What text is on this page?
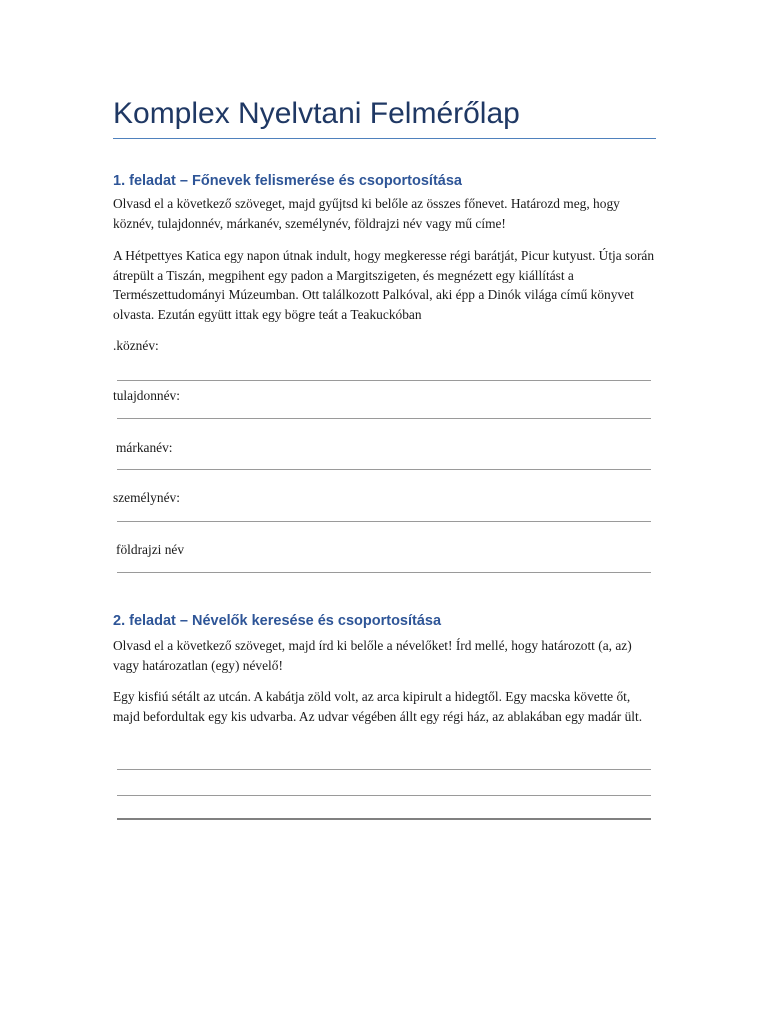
Komplex Nyelvtani Felmérőlap
1. feladat – Főnevek felismerése és csoportosítása

Olvasd el a következő szöveget, majd gyűjtsd ki belőle az összes főnevet. Határozd meg, hogy köznév, tulajdonnév, márkanév, személynév, földrajzi név vagy mű címe!

A Hétpettyes Katica egy napon útnak indult, hogy megkeresse régi barátját, Picur kutyust. Útja során átrepült a Tiszán, megpihent egy padon a Margitszigeten, és megnézett egy kiállítást a Természettudományi Múzeumban. Ott találkozott Palkóval, aki épp a Dinók világa című könyvet olvasta. Ezután együtt ittak egy bögre teát a Teakuckóban

.köznév:
tulajdonnév:
márkanév:
személynév:
földrajzi név
2. feladat – Névelők keresése és csoportosítása

Olvasd el a következő szöveget, majd írd ki belőle a névelőket! Írd mellé, hogy határozott (a, az) vagy határozatlan (egy) névelő!

Egy kisfiú sétált az utcán. A kabátja zöld volt, az arca kipirult a hidegtől. Egy macska követte őt, majd befordultak egy kis udvarba. Az udvar végében állt egy régi ház, az ablakában egy madár ült.
